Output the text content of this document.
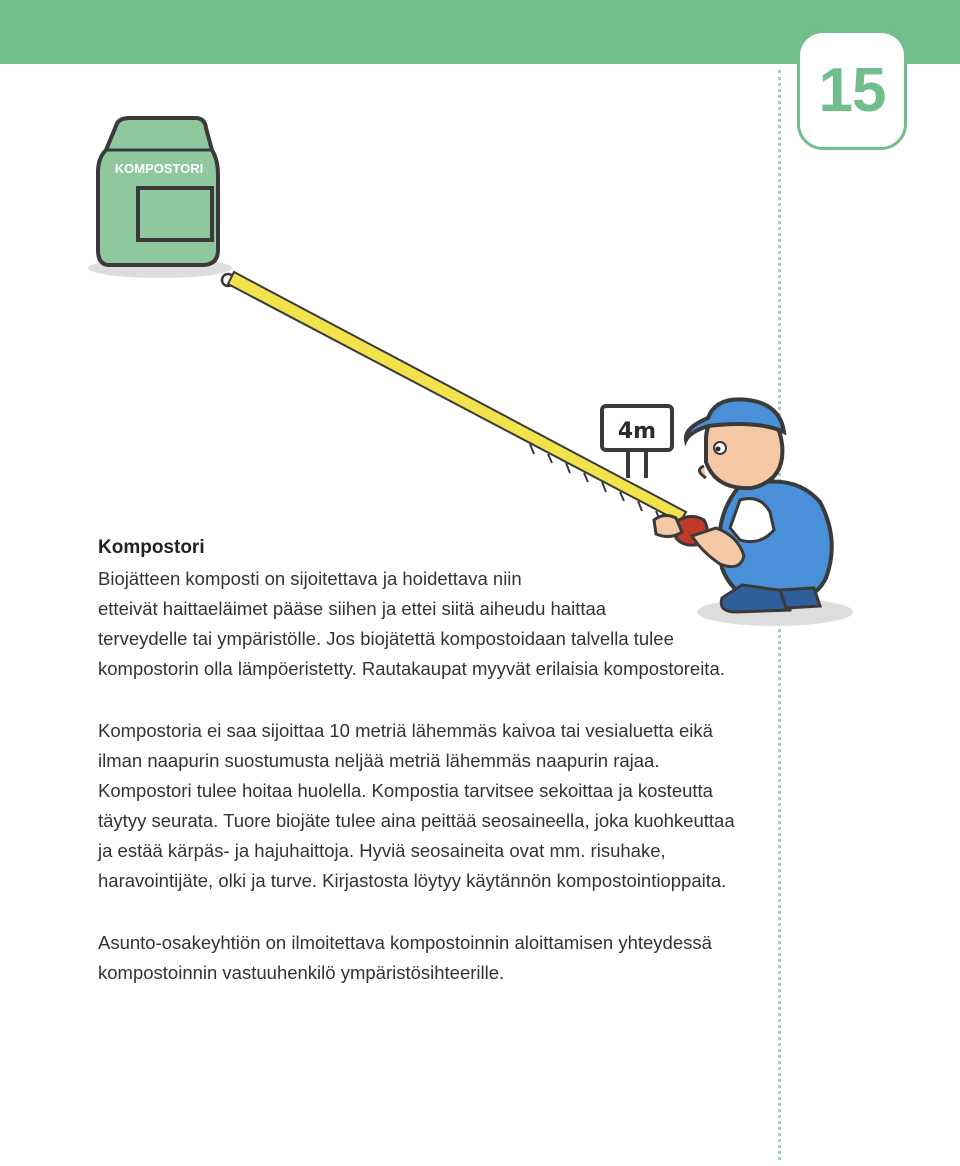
15
KOMPOSTORI
4m
Kompostori

Biojätteen komposti on sijoitettava ja hoidettava niin
etteivät haittaeläimet pääse siihen ja ettei siitä aiheudu haittaa
terveydelle tai ympäristölle. Jos biojätettä kompostoidaan talvella tulee
kompostorin olla lämpöeristetty. Rautakaupat myyvät erilaisia kompostoreita.

Kompostoria ei saa sijoittaa 10 metriä lähemmäs kaivoa tai vesialuetta eikä
ilman naapurin suostumusta neljää metriä lähemmäs naapurin rajaa.
Kompostori tulee hoitaa huolella. Kompostia tarvitsee sekoittaa ja kosteutta
täytyy seurata. Tuore biojäte tulee aina peittää seosaineella, joka kuohkeuttaa
ja estää kärpäs- ja hajuhaittoja. Hyviä seosaineita ovat mm. risuhake,
haravointijäte, olki ja turve. Kirjastosta löytyy käytännön kompostointioppaita.

Asunto-osakeyhtiön on ilmoitettava kompostoinnin aloittamisen yhteydessä
kompostoinnin vastuuhenkilö ympäristösihteerille.
